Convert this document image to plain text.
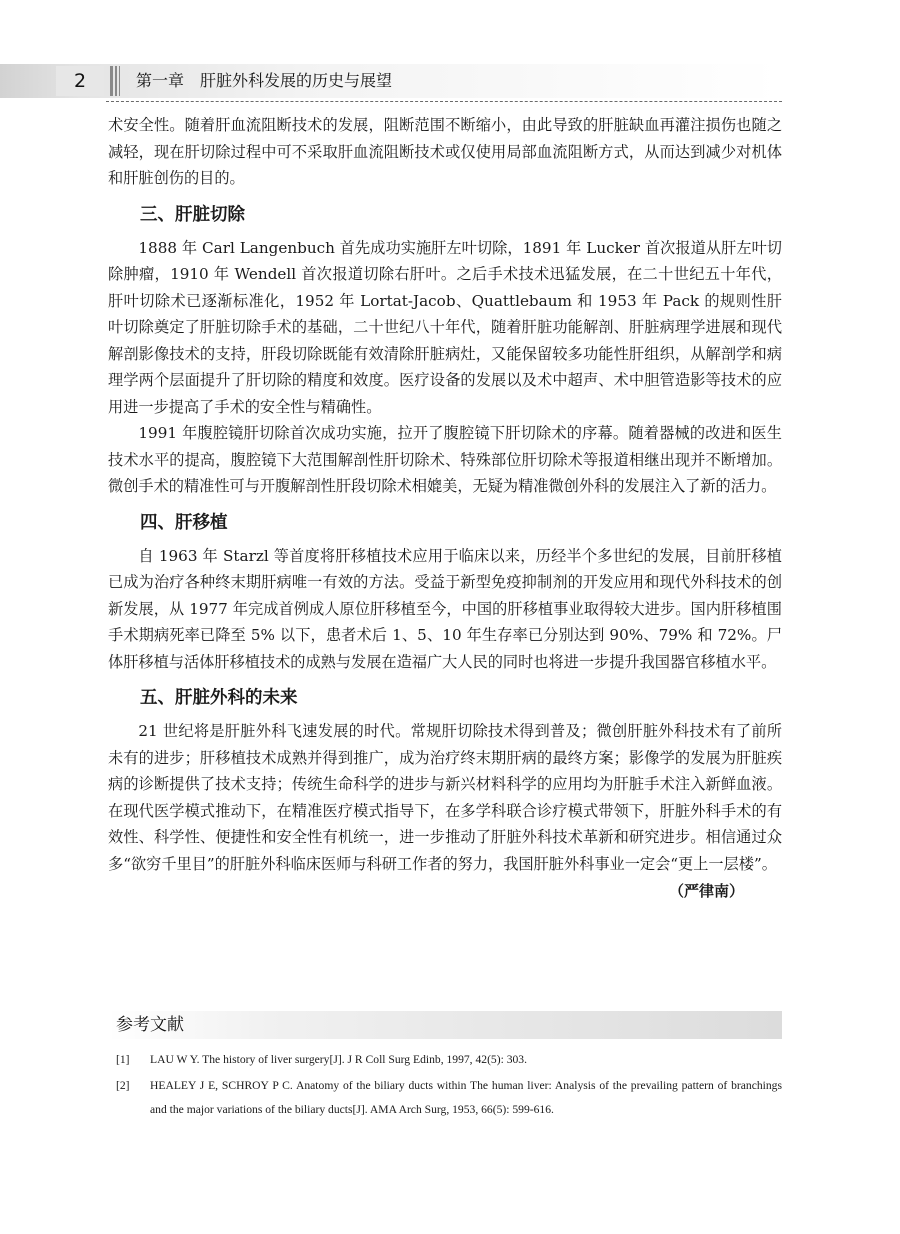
2	第一章　肝脏外科发展的历史与展望

术安全性。随着肝血流阻断技术的发展，阻断范围不断缩小，由此导致的肝脏缺血再灌注损伤也随之减轻，现在肝切除过程中可不采取肝血流阻断技术或仅使用局部血流阻断方式，从而达到减少对机体和肝脏创伤的目的。

三、肝脏切除

1888 年 Carl Langenbuch 首先成功实施肝左叶切除，1891 年 Lucker 首次报道从肝左叶切除肿瘤，1910 年 Wendell 首次报道切除右肝叶。之后手术技术迅猛发展，在二十世纪五十年代，肝叶切除术已逐渐标准化，1952 年 Lortat-Jacob、Quattlebaum 和 1953 年 Pack 的规则性肝叶切除奠定了肝脏切除手术的基础，二十世纪八十年代，随着肝脏功能解剖、肝脏病理学进展和现代解剖影像技术的支持，肝段切除既能有效清除肝脏病灶，又能保留较多功能性肝组织，从解剖学和病理学两个层面提升了肝切除的精度和效度。医疗设备的发展以及术中超声、术中胆管造影等技术的应用进一步提高了手术的安全性与精确性。

1991 年腹腔镜肝切除首次成功实施，拉开了腹腔镜下肝切除术的序幕。随着器械的改进和医生技术水平的提高，腹腔镜下大范围解剖性肝切除术、特殊部位肝切除术等报道相继出现并不断增加。微创手术的精准性可与开腹解剖性肝段切除术相媲美，无疑为精准微创外科的发展注入了新的活力。

四、肝移植

自 1963 年 Starzl 等首度将肝移植技术应用于临床以来，历经半个多世纪的发展，目前肝移植已成为治疗各种终末期肝病唯一有效的方法。受益于新型免疫抑制剂的开发应用和现代外科技术的创新发展，从 1977 年完成首例成人原位肝移植至今，中国的肝移植事业取得较大进步。国内肝移植围手术期病死率已降至 5% 以下，患者术后 1、5、10 年生存率已分别达到 90%、79% 和 72%。尸体肝移植与活体肝移植技术的成熟与发展在造福广大人民的同时也将进一步提升我国器官移植水平。

五、肝脏外科的未来

21 世纪将是肝脏外科飞速发展的时代。常规肝切除技术得到普及；微创肝脏外科技术有了前所未有的进步；肝移植技术成熟并得到推广，成为治疗终末期肝病的最终方案；影像学的发展为肝脏疾病的诊断提供了技术支持；传统生命科学的进步与新兴材料科学的应用均为肝脏手术注入新鲜血液。在现代医学模式推动下，在精准医疗模式指导下，在多学科联合诊疗模式带领下，肝脏外科手术的有效性、科学性、便捷性和安全性有机统一，进一步推动了肝脏外科技术革新和研究进步。相信通过众多“欲穷千里目”的肝脏外科临床医师与科研工作者的努力，我国肝脏外科事业一定会“更上一层楼”。

（严律南）
参考文献
[1]	LAU W Y. The history of liver surgery[J]. J R Coll Surg Edinb, 1997, 42(5): 303.
[2]	HEALEY J E, SCHROY P C. Anatomy of the biliary ducts within The human liver: Analysis of the prevailing pattern of branchings and the major variations of the biliary ducts[J]. AMA Arch Surg, 1953, 66(5): 599-616.
